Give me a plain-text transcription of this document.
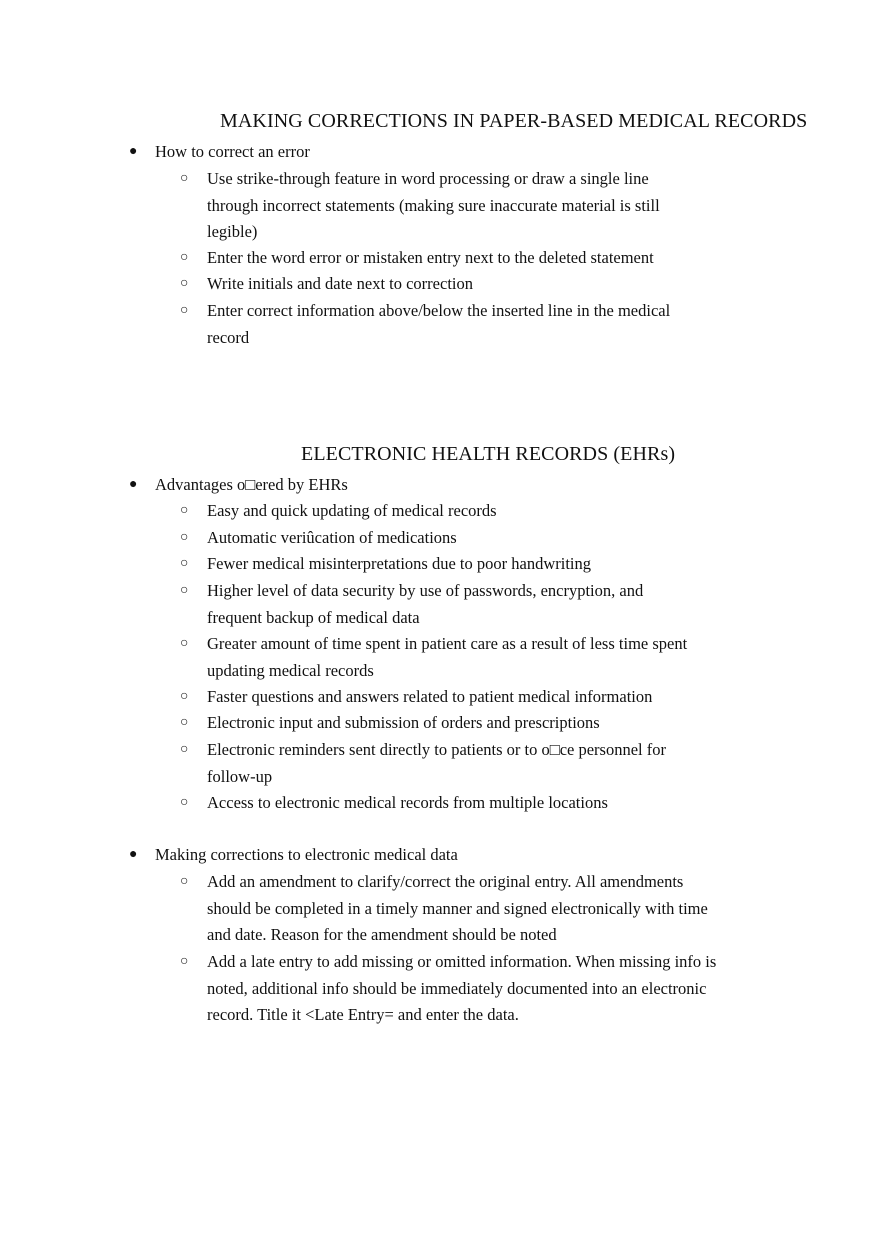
MAKING CORRECTIONS IN PAPER-BASED MEDICAL RECORDS
● How to correct an error
○ Use strike-through feature in word processing or draw a single line through incorrect statements (making sure inaccurate material is still legible)
○ Enter the word error or mistaken entry next to the deleted statement
○ Write initials and date next to correction
○ Enter correct information above/below the inserted line in the medical record
ELECTRONIC HEALTH RECORDS (EHRs)
● Advantages o□ered by EHRs
○ Easy and quick updating of medical records
○ Automatic veriûcation of medications
○ Fewer medical misinterpretations due to poor handwriting
○ Higher level of data security by use of passwords, encryption, and frequent backup of medical data
○ Greater amount of time spent in patient care as a result of less time spent updating medical records
○ Faster questions and answers related to patient medical information
○ Electronic input and submission of orders and prescriptions
○ Electronic reminders sent directly to patients or to o□ce personnel for follow-up
○ Access to electronic medical records from multiple locations
● Making corrections to electronic medical data
○ Add an amendment to clarify/correct the original entry. All amendments should be completed in a timely manner and signed electronically with time and date. Reason for the amendment should be noted
○ Add a late entry to add missing or omitted information. When missing info is noted, additional info should be immediately documented into an electronic record. Title it <Late Entry= and enter the data.
